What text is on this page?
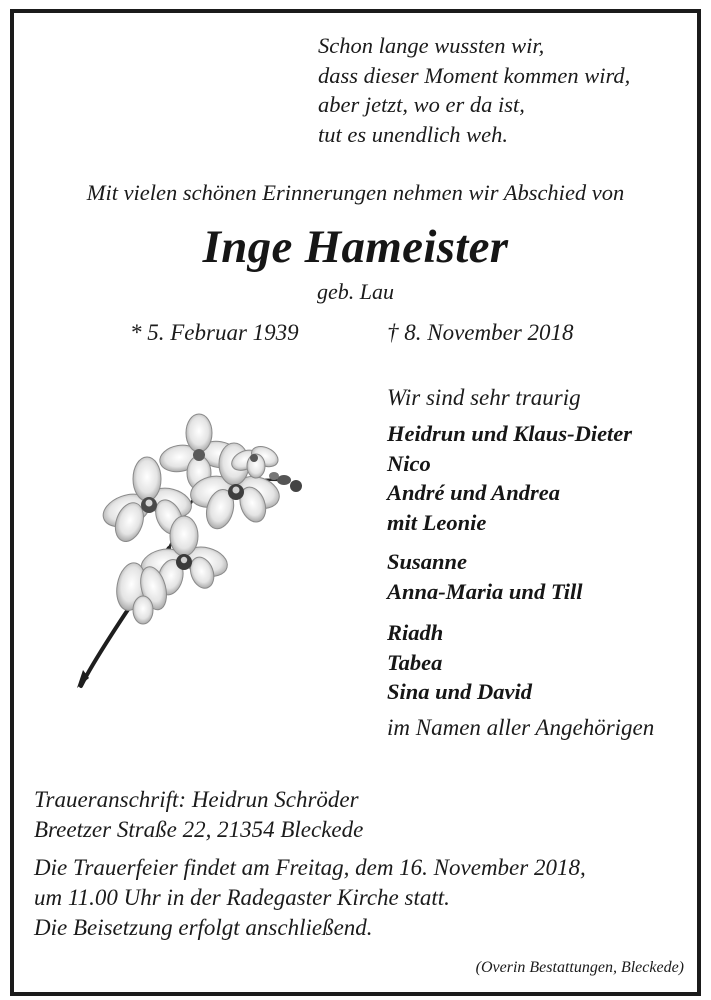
Schon lange wussten wir,
dass dieser Moment kommen wird,
aber jetzt, wo er da ist,
tut es unendlich weh.
Mit vielen schönen Erinnerungen nehmen wir Abschied von
Inge Hameister
geb. Lau
* 5. Februar 1939	† 8. November 2018
Wir sind sehr traurig
Heidrun und Klaus-Dieter
Nico
André und Andrea
mit Leonie
Susanne
Anna-Maria und Till
Riadh
Tabea
Sina und David
im Namen aller Angehörigen
Traueranschrift: Heidrun Schröder
Breetzer Straße 22, 21354 Bleckede
Die Trauerfeier findet am Freitag, dem 16. November 2018,
um 11.00 Uhr in der Radegaster Kirche statt.
Die Beisetzung erfolgt anschließend.
(Overin Bestattungen, Bleckede)
